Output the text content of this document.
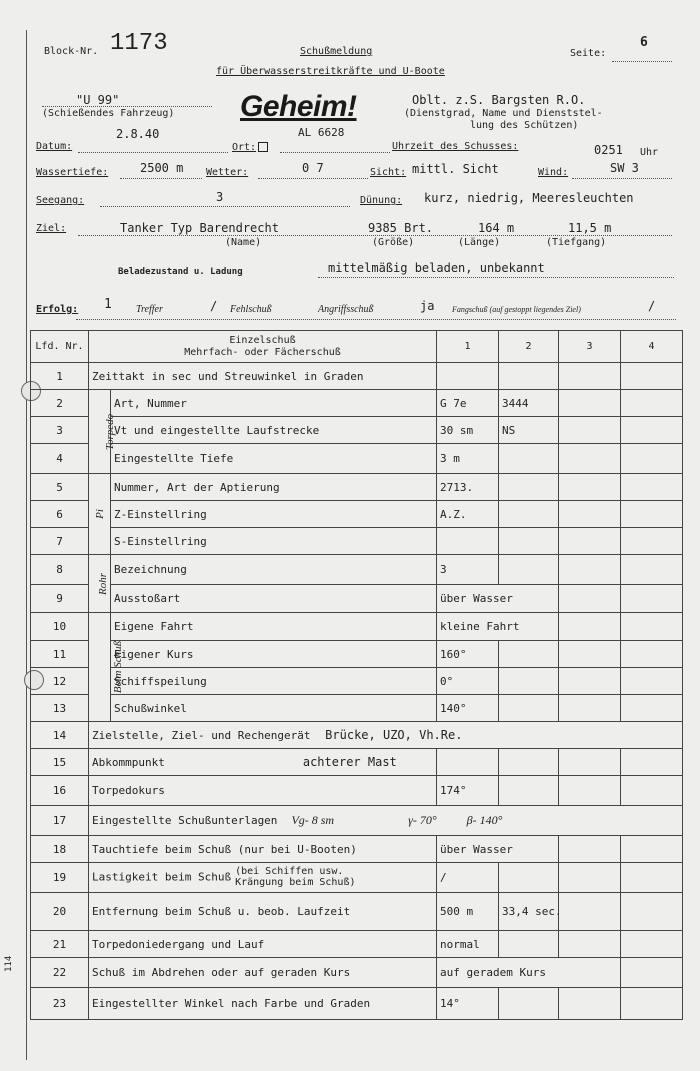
114
Block-Nr. 1173	Schußmeldung
für Überwasserstreitkräfte und U-Boote
Seite:
6
"U 99"
(Schießendes Fahrzeug) Geheim!
AL 6628
Oblt. z.S. Bargsten R.O.
(Dienstgrad, Name und Dienststel-
lung des Schützen)
Datum:
2.8.40
Ort:	Uhrzeit des Schusses:	0251 Uhr
Wassertiefe:	2500 m Wetter:	0 7	Sicht: mittl. Sicht	Wind:	SW 3
Seegang:	3	Dünung: kurz, niedrig, Meeresleuchten
Ziel:	Tanker Typ Barendrecht	9385 Brt.	164 m	11,5 m
(Name)	(Größe)	(Länge)	(Tiefgang)
Beladezustand u. Ladung	mittelmäßig beladen, unbekannt
Erfolg: 1 Treffer	/ Fehlschuß	Angriffsschuß	ja Fangschuß (auf gestoppt liegendes Ziel)	/
Lfd. Nr.	Einzelschuß
Mehrfach- oder Fächerschuß		1	2	3	4
1	Zeittakt in sec und Streuwinkel in Graden					
2	Torpedo	Art, Nummer	G 7e	3444		
3		Vt und eingestellte Laufstrecke	30 sm	NS		
4		Eingestellte Tiefe	3 m			
5	Pi	Nummer, Art der Aptierung	2713.			
6		Z-Einstellring	A.Z.			
7		S-Einstellring				
8	Rohr	Bezeichnung	3			
9		Ausstoßart	über Wasser			
10	Beim Schuß	Eigene Fahrt	kleine Fahrt			
11		Eigener Kurs	160°			
12		Schiffspeilung	0°			
13		Schußwinkel	140°			
14	Zielstelle, Ziel- und Rechengerät Brücke, UZO, Vh.Re.					
15	Abkommpunkt achterer Mast					
16	Torpedokurs		174°			
17	Eingestellte Schußunterlagen Vg- 8 sm γ- 70° β- 140°					
18	Tauchtiefe beim Schuß (nur bei U-Booten)		über Wasser			
19	Lastigkeit beim Schuß (bei Schiffen usw.
Krängung beim Schuß)		/			
20	Entfernung beim Schuß u. beob. Laufzeit		500 m	33,4 sec.		
21	Torpedoniedergang und Lauf		normal			
22	Schuß im Abdrehen oder auf geraden Kurs		auf geradem Kurs			
23	Eingestellter Winkel nach Farbe und Graden		14°			
